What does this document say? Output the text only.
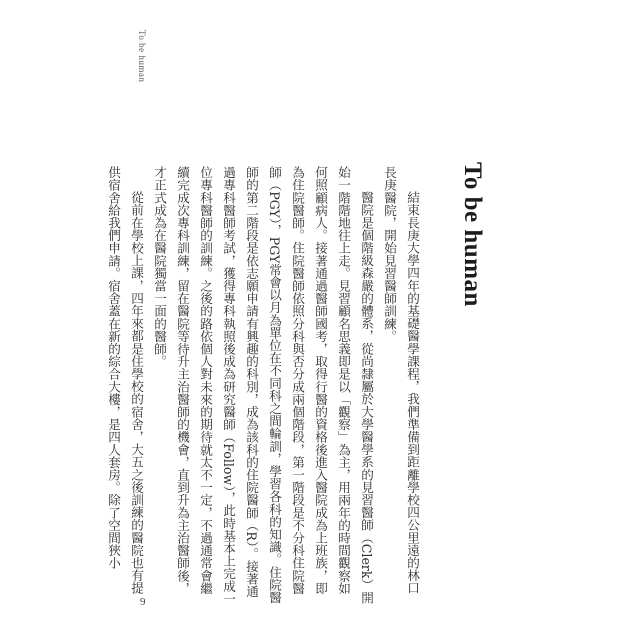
To be human
To be human

結束長庚大學四年的基礎醫學課程，我們準備到距離學校四公里遠的林口長庚醫院，開始見習醫師訓練。

醫院是個階級森嚴的體系，從尚隸屬於大學醫學系的見習醫師（Clerk）開始一階階地往上走。見習顧名思義即是以「觀察」為主，用兩年的時間觀察如何照顧病人。接著通過醫師國考，取得行醫的資格後進入醫院成為上班族，即為住院醫師。住院醫師依照分科與否分成兩個階段，第一階段是不分科住院醫師（PGY），PGY常會以月為單位在不同科之間輪訓，學習各科的知識。住院醫師的第二階段是依志願申請有興趣的科別，成為該科的住院醫師（R）。接著通過專科醫師考試，獲得專科執照後成為研究醫師（Follow），此時基本上完成一位專科醫師的訓練。之後的路依個人對未來的期待就太不一定，不過通常會繼續完成次專科訓練，留在醫院等待升主治醫師的機會，直到升為主治醫師後，才正式成為在醫院獨當一面的醫師。

從前在學校上課，四年來都是住學校的宿舍，大五之後訓練的醫院也有提供宿舍給我們申請。宿舍蓋在新的綜合大樓，是四人套房。除了空間狹小

9
